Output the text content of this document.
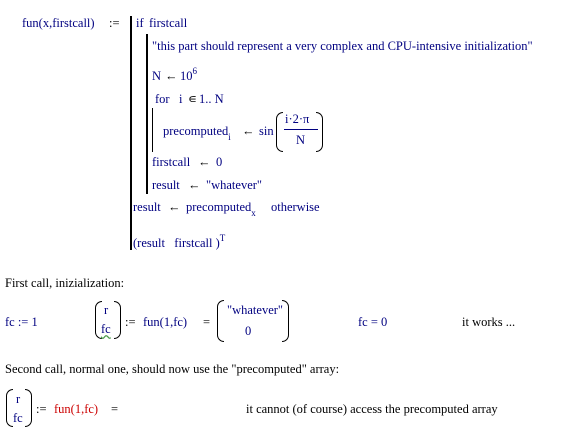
fun(x,firstcall) := if firstcall
"this part should represent a very complex and CPU-intensive initialization"
N ← $10^6$
for i ∊ 1.. N
precomputed$_i$ ← sin
i·2·π
N
firstcall ← 0
result ← "whatever"
result ← precomputed$_x$ otherwise
(result   firstcall )$^T$
First call, inizialization:
fc := 1
r
fc := fun(1,fc) =
"whatever"
0
fc = 0	it works ...
Second call, normal one, should now use the "precomputed" array:
r
fc
:= fun(1,fc) =	it cannot (of course) access the precomputed array
